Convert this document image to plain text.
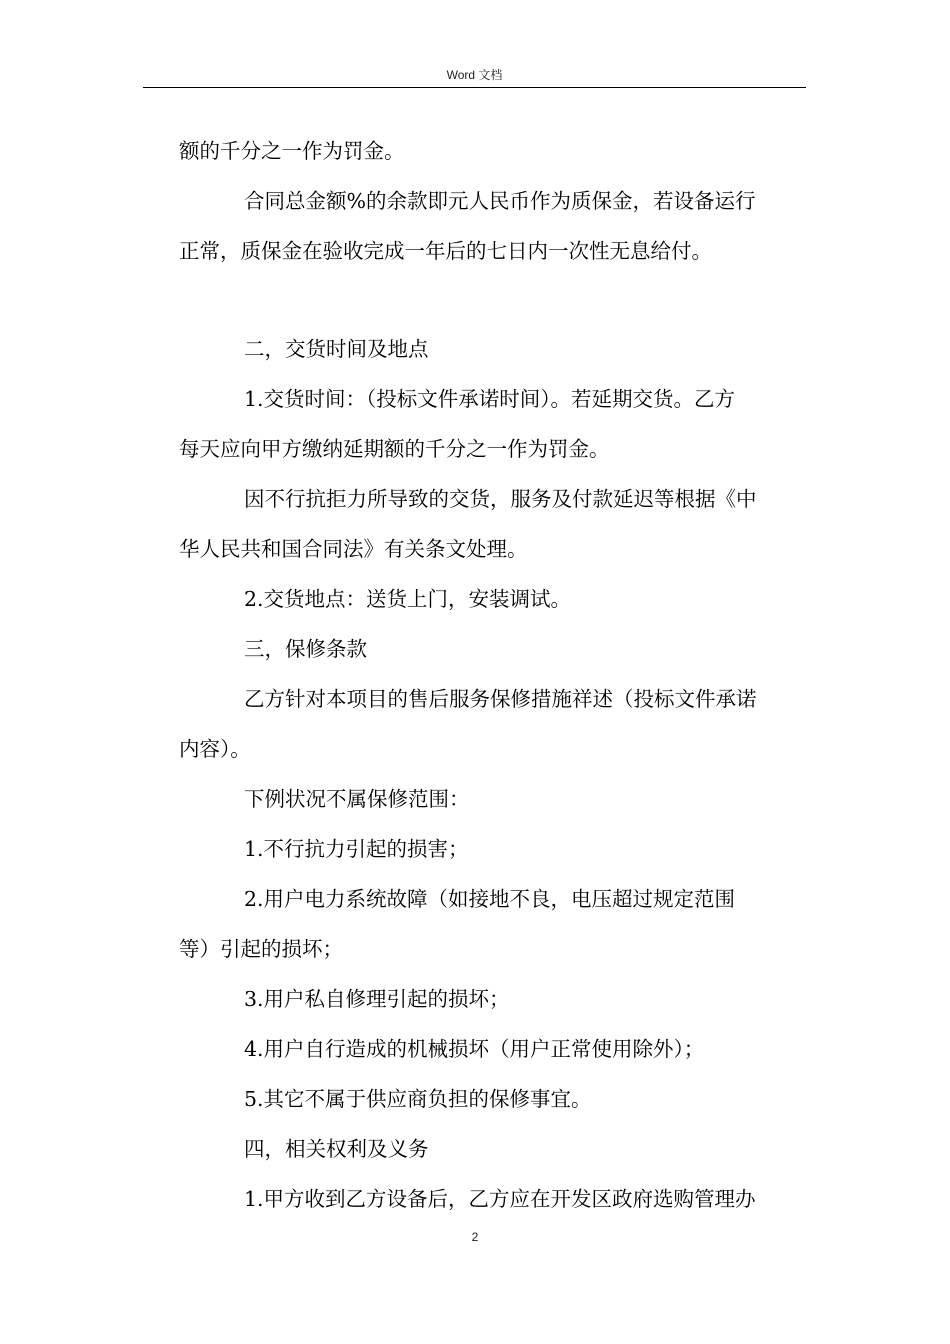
Word 文档
额的千分之一作为罚金。
合同总金额%的余款即元人民币作为质保金，若设备运行
正常，质保金在验收完成一年后的七日内一次性无息给付。
二，交货时间及地点
1.交货时间：（投标文件承诺时间）。若延期交货。乙方
每天应向甲方缴纳延期额的千分之一作为罚金。
因不行抗拒力所导致的交货，服务及付款延迟等根据《中
华人民共和国合同法》有关条文处理。
2.交货地点：送货上门，安装调试。
三，保修条款
乙方针对本项目的售后服务保修措施祥述（投标文件承诺
内容）。
下例状况不属保修范围：
1.不行抗力引起的损害；
2.用户电力系统故障（如接地不良，电压超过规定范围
等）引起的损坏；
3.用户私自修理引起的损坏；
4.用户自行造成的机械损坏（用户正常使用除外）；
5.其它不属于供应商负担的保修事宜。
四，相关权利及义务
1.甲方收到乙方设备后，乙方应在开发区政府选购管理办
2
